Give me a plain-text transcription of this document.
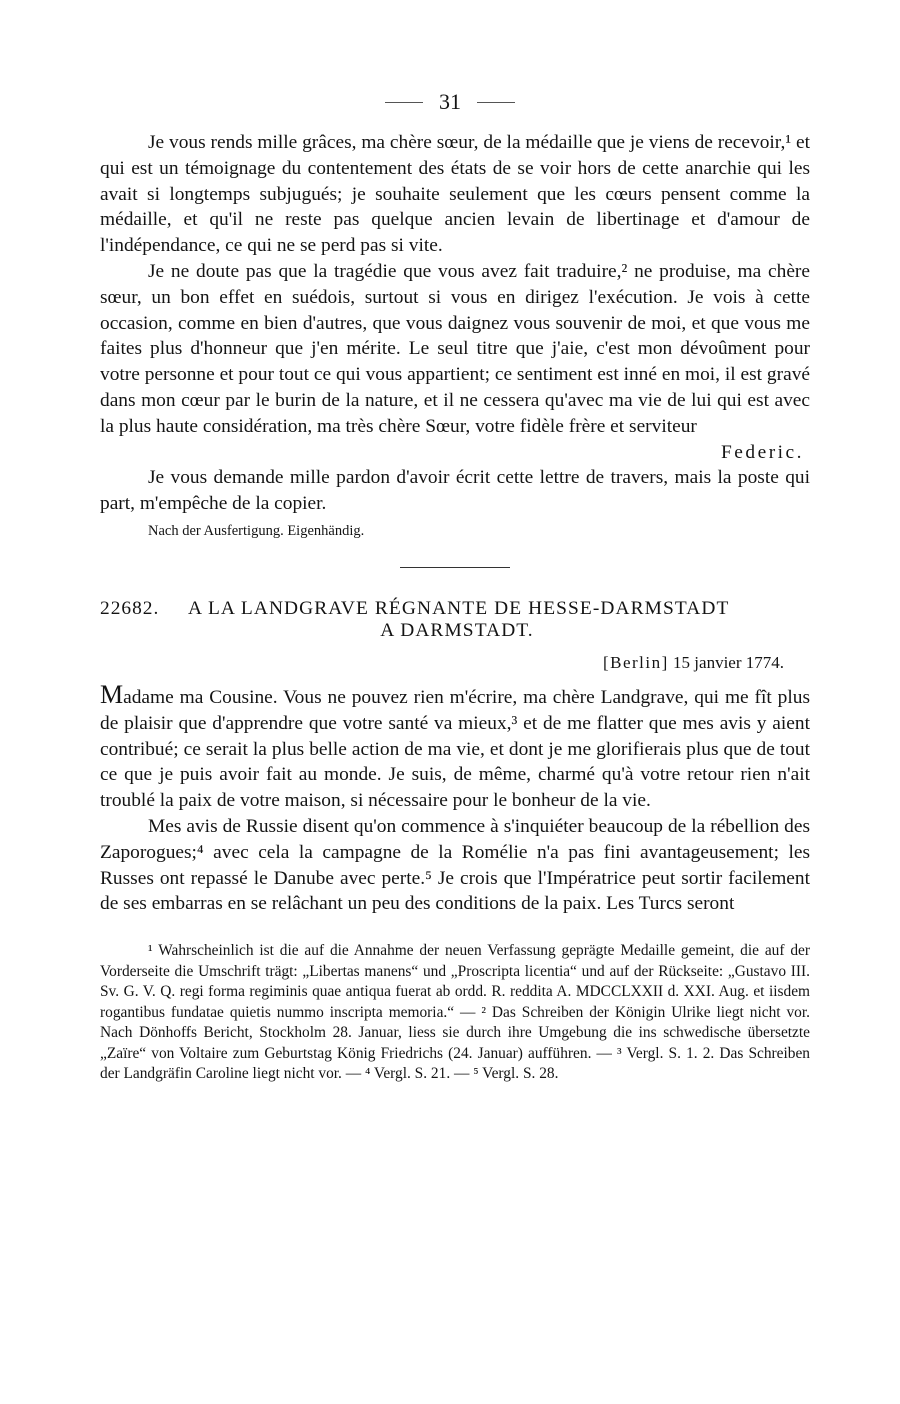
31

Je vous rends mille grâces, ma chère sœur, de la médaille que je viens de recevoir,¹ et qui est un témoignage du contentement des états de se voir hors de cette anarchie qui les avait si longtemps subjugués; je souhaite seulement que les cœurs pensent comme la médaille, et qu'il ne reste pas quelque ancien levain de libertinage et d'amour de l'indépendance, ce qui ne se perd pas si vite.

Je ne doute pas que la tragédie que vous avez fait traduire,² ne produise, ma chère sœur, un bon effet en suédois, surtout si vous en dirigez l'exécution. Je vois à cette occasion, comme en bien d'autres, que vous daignez vous souvenir de moi, et que vous me faites plus d'honneur que j'en mérite. Le seul titre que j'aie, c'est mon dévoûment pour votre personne et pour tout ce qui vous appartient; ce sentiment est inné en moi, il est gravé dans mon cœur par le burin de la nature, et il ne cessera qu'avec ma vie de lui qui est avec la plus haute considération, ma très chère Sœur, votre fidèle frère et serviteur

Federic.

Je vous demande mille pardon d'avoir écrit cette lettre de travers, mais la poste qui part, m'empêche de la copier.

Nach der Ausfertigung. Eigenhändig.
22682.	A LA LANDGRAVE RÉGNANTE DE HESSE-DARMSTADT
A DARMSTADT.
[Berlin] 15 janvier 1774.

Madame ma Cousine. Vous ne pouvez rien m'écrire, ma chère Landgrave, qui me fît plus de plaisir que d'apprendre que votre santé va mieux,³ et de me flatter que mes avis y aient contribué; ce serait la plus belle action de ma vie, et dont je me glorifierais plus que de tout ce que je puis avoir fait au monde. Je suis, de même, charmé qu'à votre retour rien n'ait troublé la paix de votre maison, si nécessaire pour le bonheur de la vie.

Mes avis de Russie disent qu'on commence à s'inquiéter beaucoup de la rébellion des Zaporogues;⁴ avec cela la campagne de la Romélie n'a pas fini avantageusement; les Russes ont repassé le Danube avec perte.⁵ Je crois que l'Impératrice peut sortir facilement de ses embarras en se relâchant un peu des conditions de la paix. Les Turcs seront

¹ Wahrscheinlich ist die auf die Annahme der neuen Verfassung geprägte Medaille gemeint, die auf der Vorderseite die Umschrift trägt: „Libertas manens“ und „Proscripta licentia“ und auf der Rückseite: „Gustavo III. Sv. G. V. Q. regi forma regiminis quae antiqua fuerat ab ordd. R. reddita A. MDCCLXXII d. XXI. Aug. et iisdem rogantibus fundatae quietis nummo inscripta memoria.“ — ² Das Schreiben der Königin Ulrike liegt nicht vor. Nach Dönhoffs Bericht, Stockholm 28. Januar, liess sie durch ihre Umgebung die ins schwedische übersetzte „Zaïre“ von Voltaire zum Geburtstag König Friedrichs (24. Januar) aufführen. — ³ Vergl. S. 1. 2. Das Schreiben der Landgräfin Caroline liegt nicht vor. — ⁴ Vergl. S. 21. — ⁵ Vergl. S. 28.
